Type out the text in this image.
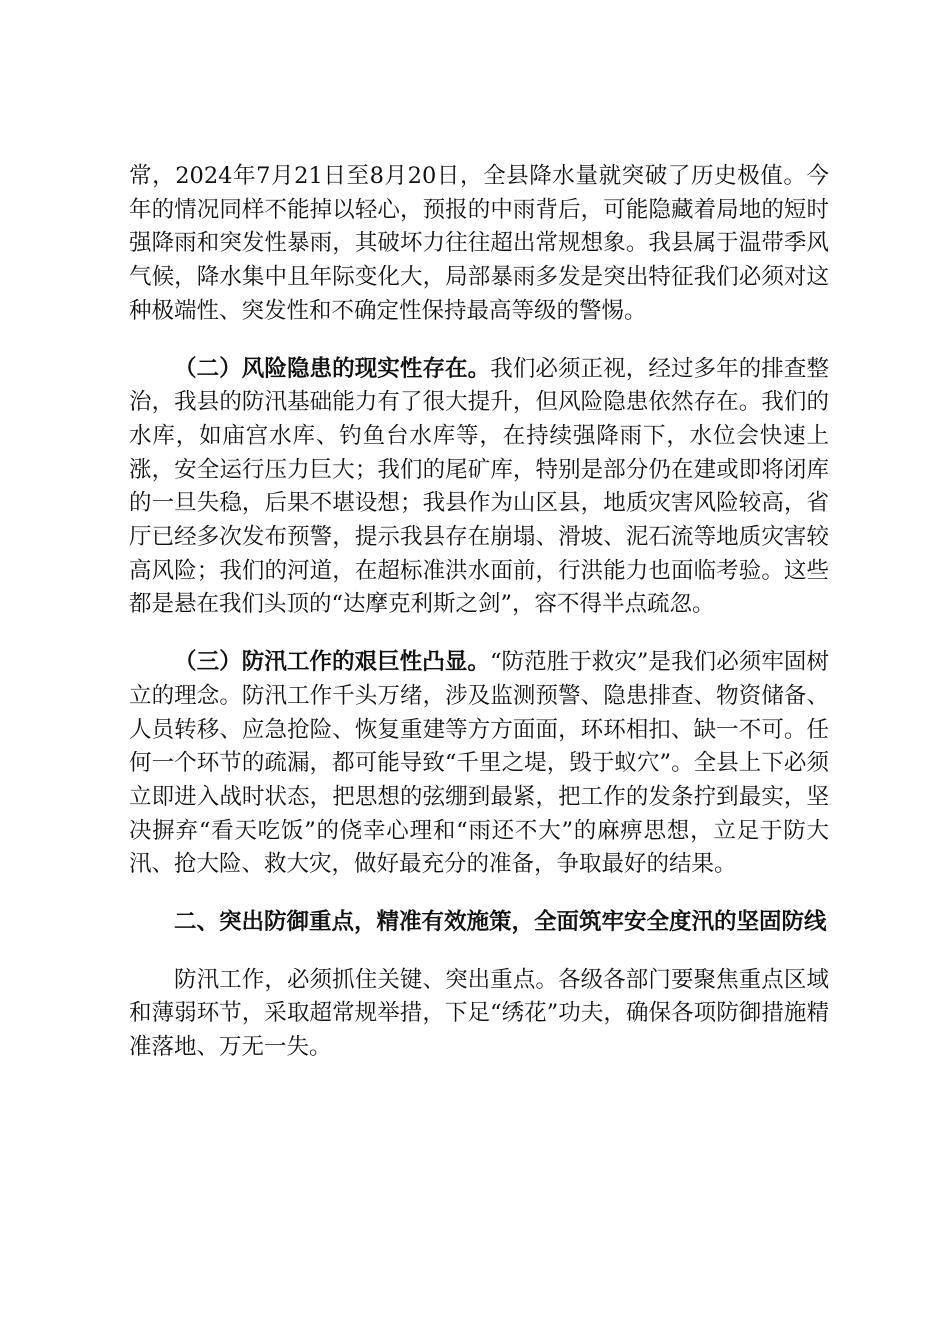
常，2024年7月21日至8月20日，全县降水量就突破了历史极值。今年的情况同样不能掉以轻心，预报的中雨背后，可能隐藏着局地的短时强降雨和突发性暴雨，其破坏力往往超出常规想象。我县属于温带季风气候，降水集中且年际变化大，局部暴雨多发是突出特征我们必须对这种极端性、突发性和不确定性保持最高等级的警惕。

（二）风险隐患的现实性存在。我们必须正视，经过多年的排查整治，我县的防汛基础能力有了很大提升，但风险隐患依然存在。我们的水库，如庙宫水库、钓鱼台水库等，在持续强降雨下，水位会快速上涨，安全运行压力巨大；我们的尾矿库，特别是部分仍在建或即将闭库的一旦失稳，后果不堪设想；我县作为山区县，地质灾害风险较高，省厅已经多次发布预警，提示我县存在崩塌、滑坡、泥石流等地质灾害较高风险；我们的河道，在超标准洪水面前，行洪能力也面临考验。这些都是悬在我们头顶的“达摩克利斯之剑”，容不得半点疏忽。

（三）防汛工作的艰巨性凸显。“防范胜于救灾”是我们必须牢固树立的理念。防汛工作千头万绪，涉及监测预警、隐患排查、物资储备、人员转移、应急抢险、恢复重建等方方面面，环环相扣、缺一不可。任何一个环节的疏漏，都可能导致“千里之堤，毁于蚁穴”。全县上下必须立即进入战时状态，把思想的弦绷到最紧，把工作的发条拧到最实，坚决摒弃“看天吃饭”的侥幸心理和“雨还不大”的麻痹思想，立足于防大汛、抢大险、救大灾，做好最充分的准备，争取最好的结果。

二、突出防御重点，精准有效施策，全面筑牢安全度汛的坚固防线

防汛工作，必须抓住关键、突出重点。各级各部门要聚焦重点区域和薄弱环节，采取超常规举措，下足“绣花”功夫，确保各项防御措施精准落地、万无一失。
